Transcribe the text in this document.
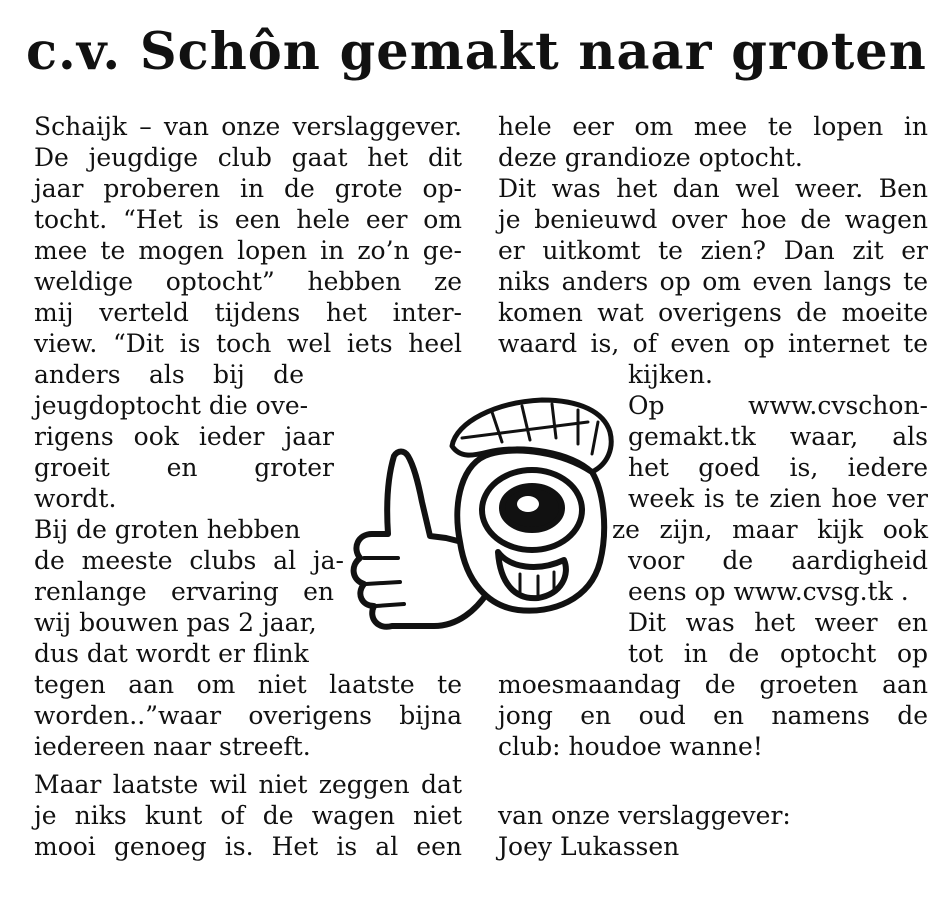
c.v. Schôn gemakt naar groten

Schaijk – van onze verslaggever.

De jeugdige club gaat het dit

jaar proberen in de grote op-

tocht. “Het is een hele eer om

mee te mogen lopen in zo’n ge-

weldige optocht” hebben ze

mij verteld tijdens het inter-

view. “Dit is toch wel iets heel

anders als bij de

jeugdoptocht die ove-

rigens ook ieder jaar

groeit en groter

wordt.

Bij de groten hebben

de meeste clubs al ja-

renlange ervaring en

wij bouwen pas 2 jaar,

dus dat wordt er flink

tegen aan om niet laatste te

worden..”waar overigens bijna

iedereen naar streeft.

Maar laatste wil niet zeggen dat

je niks kunt of de wagen niet

mooi genoeg is. Het is al een

hele eer om mee te lopen in

deze grandioze optocht.

Dit was het dan wel weer. Ben

je benieuwd over hoe de wagen

er uitkomt te zien? Dan zit er

niks anders op om even langs te

komen wat overigens de moeite

waard is, of even op internet te

kijken.

Op www.cvschon-

gemakt.tk waar, als

het goed is, iedere

week is te zien hoe ver

ze zijn, maar kijk ook

voor de aardigheid

eens op www.cvsg.tk .

Dit was het weer en

tot in de optocht op

moesmaandag de groeten aan

jong en oud en namens de

club: houdoe wanne!

van onze verslaggever:

Joey Lukassen
